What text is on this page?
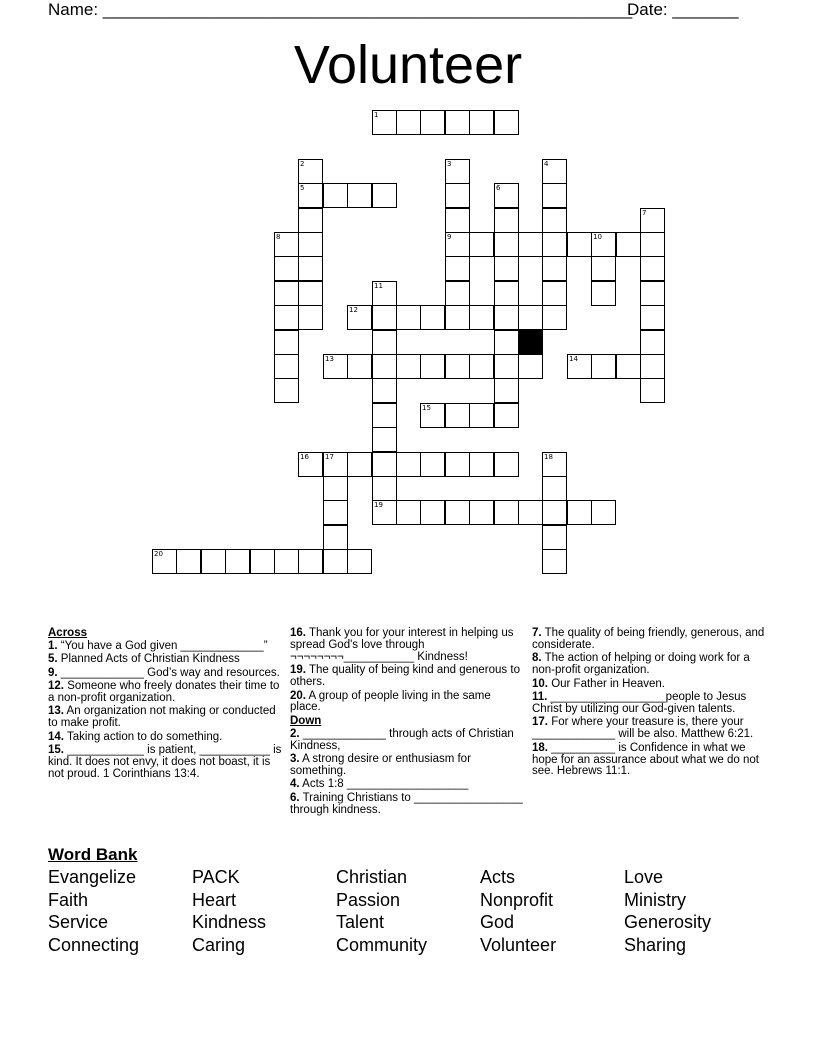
Name: ________________________________________________________
Date: _______
Volunteer
1
2
5
3
9
4
6
7
8	10
11
12
13	14
15
16 17	18
19
20
Across
1. “You have a God given _____________”
5. Planned Acts of Christian Kindness
9. _____________ God’s way and resources.
12. Someone who freely donates their time to a non-profit organization.
13. An organization not making or conducted to make profit.
14. Taking action to do something.
15. ____________ is patient, ___________ is kind. It does not envy, it does not boast, it is not proud. 1 Corinthians 13:4.
16. Thank you for your interest in helping us spread God's love through ¬¬¬¬¬¬¬¬___________ Kindness!
19. The quality of being kind and generous to others.
20. A group of people living in the same place.
Down
2. _____________ through acts of Christian Kindness,
3. A strong desire or enthusiasm for something.
4. Acts 1:8 ___________________
6. Training Christians to _________________ through kindness.
7. The quality of being friendly, generous, and considerate.
8. The action of helping or doing work for a non-profit organization.
10. Our Father in Heaven.
11. __________________people to Jesus Christ by utilizing our God-given talents.
17. For where your treasure is, there your _____________ will be also. Matthew 6:21.
18. __________ is Confidence in what we hope for an assurance about what we do not see. Hebrews 11:1.
Word Bank
Evangelize	PACK	Christian	Acts	Love
Faith	Heart	Passion	Nonprofit	Ministry
Service	Kindness	Talent	God	Generosity
Connecting	Caring	Community	Volunteer	Sharing
